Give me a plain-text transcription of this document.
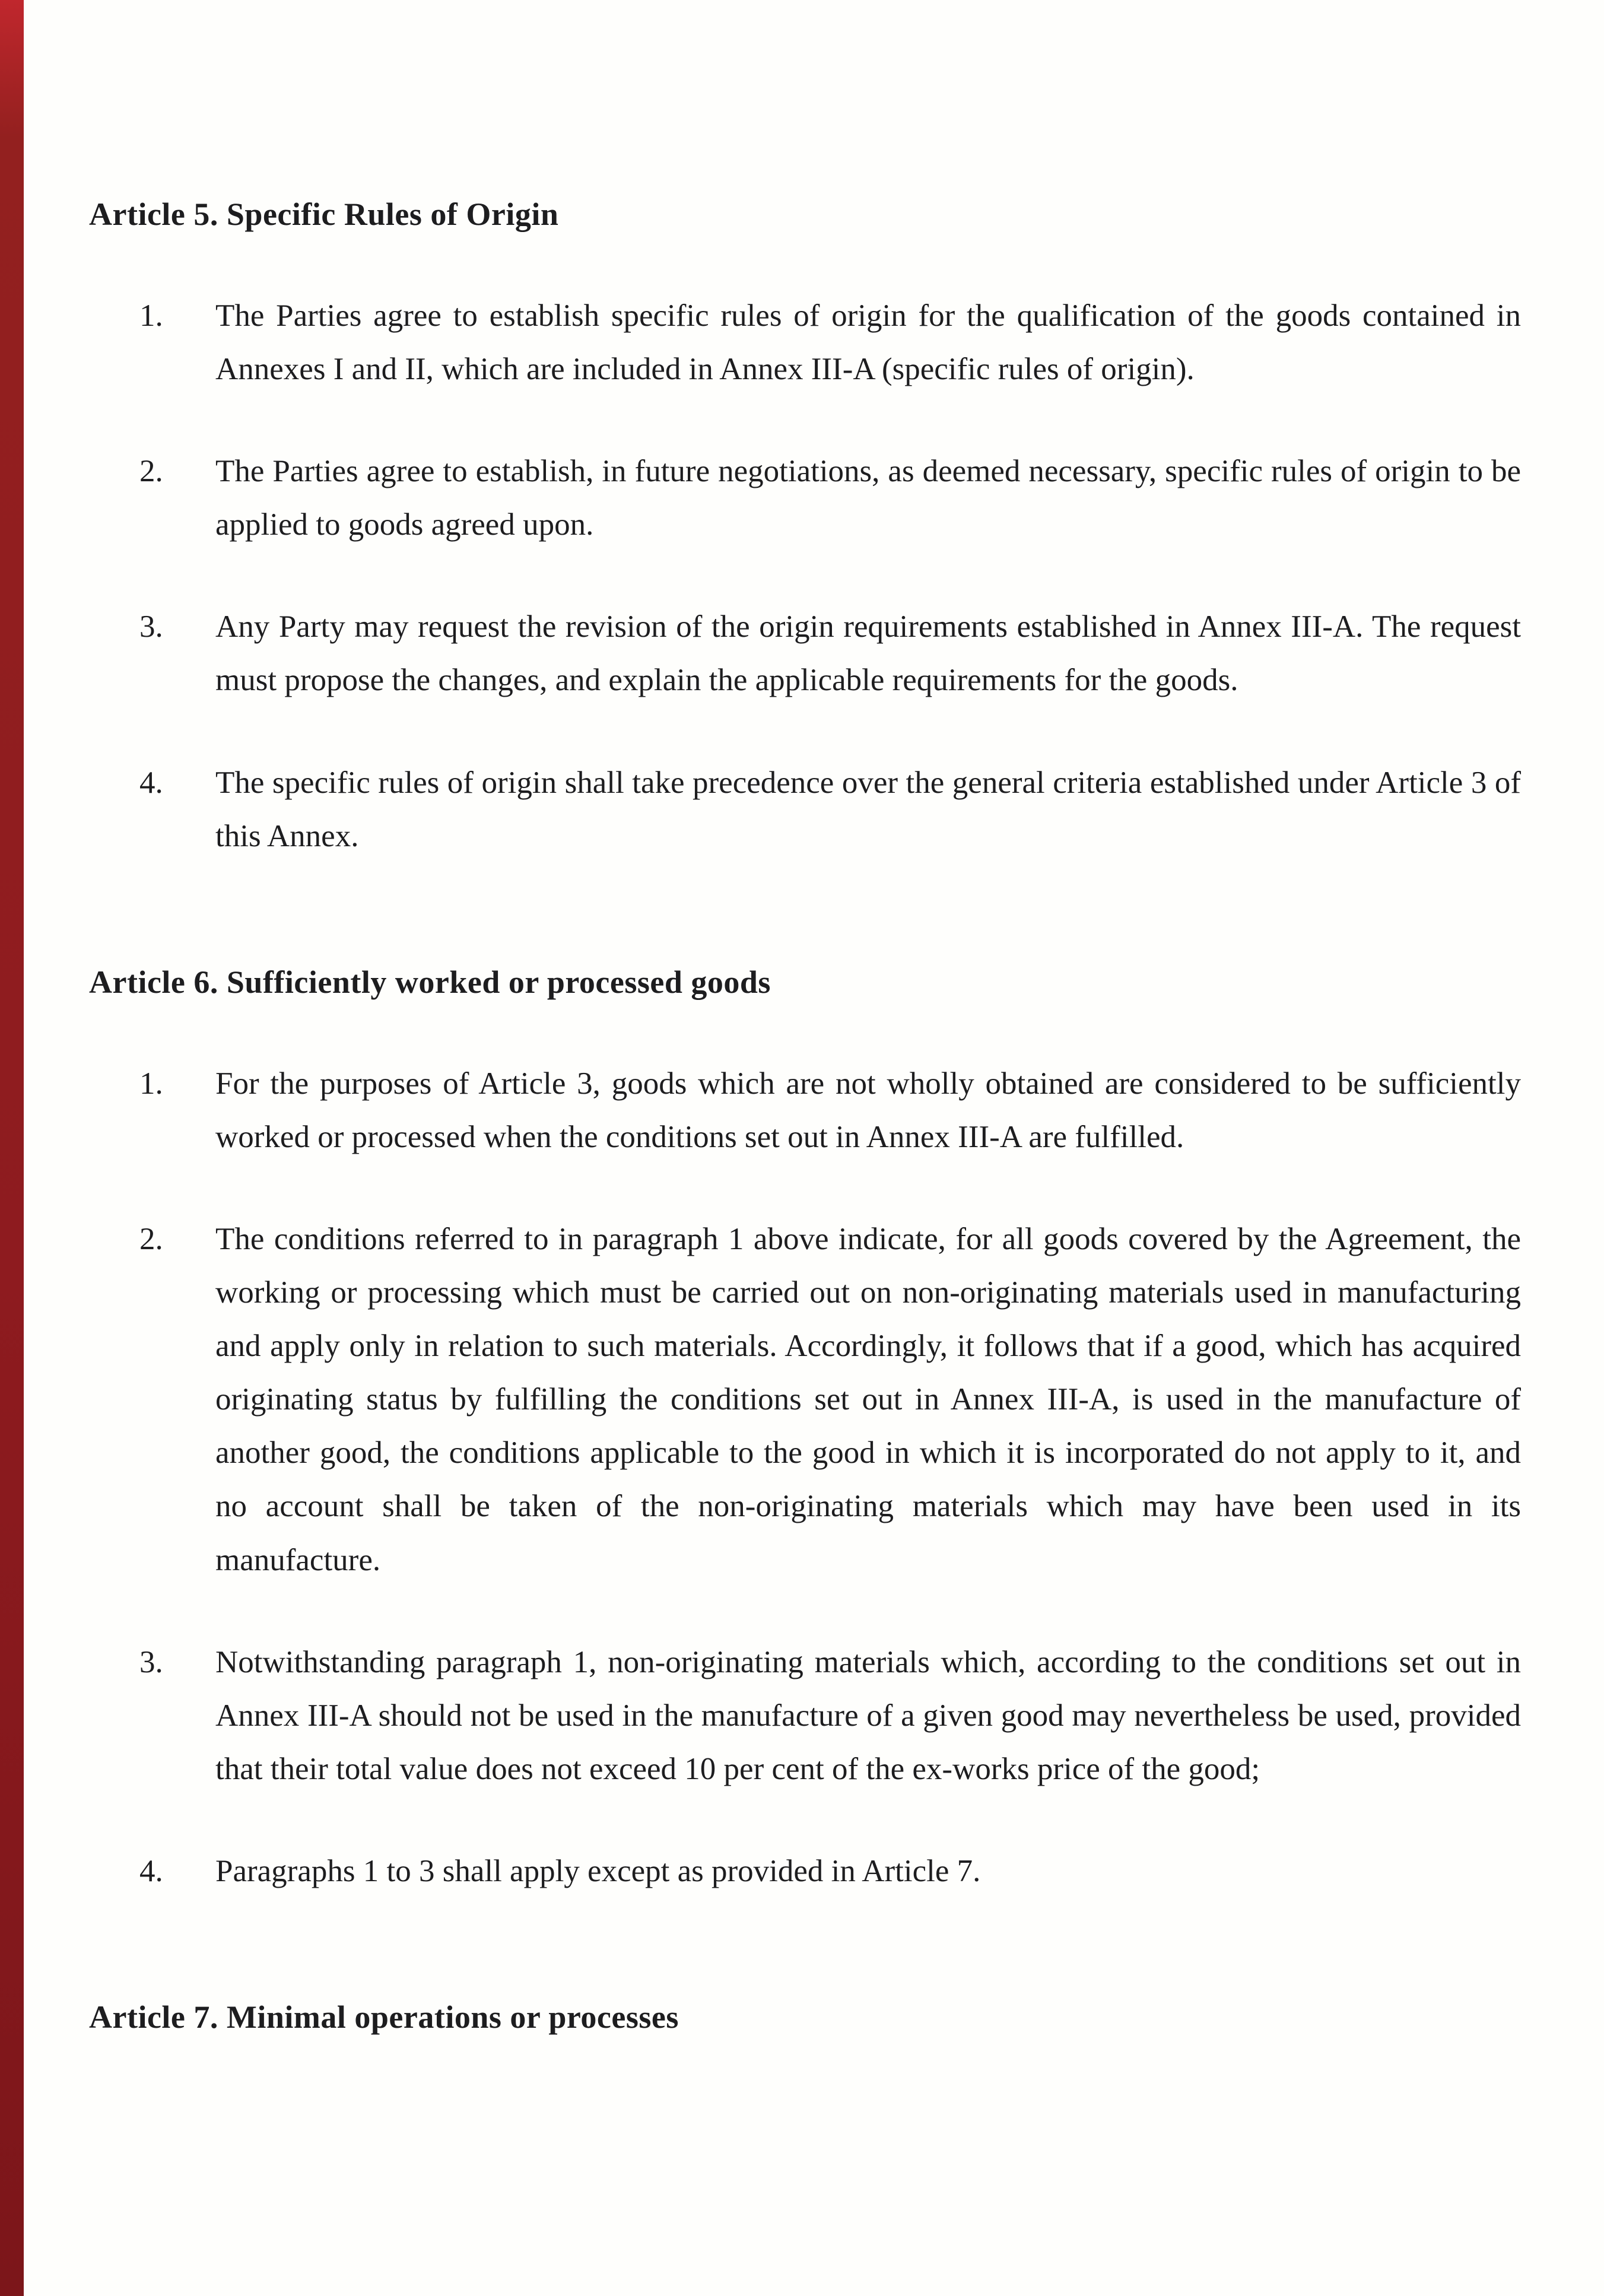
Article 5. Specific Rules of Origin
1.	The Parties agree to establish specific rules of origin for the qualification of the goods contained in Annexes I and II, which are included in Annex III-A (specific rules of origin).

2.	The Parties agree to establish, in future negotiations, as deemed necessary, specific rules of origin to be applied to goods agreed upon.

3.	Any Party may request the revision of the origin requirements established in Annex III-A. The request must propose the changes, and explain the applicable requirements for the goods.

4.	The specific rules of origin shall take precedence over the general criteria established under Article 3 of this Annex.

Article 6. Sufficiently worked or processed goods
1.	For the purposes of Article 3, goods which are not wholly obtained are considered to be sufficiently worked or processed when the conditions set out in Annex III-A are fulfilled.

2.	The conditions referred to in paragraph 1 above indicate, for all goods covered by the Agreement, the working or processing which must be carried out on non-originating materials used in manufacturing and apply only in relation to such materials. Accordingly, it follows that if a good, which has acquired originating status by fulfilling the conditions set out in Annex III-A, is used in the manufacture of another good, the conditions applicable to the good in which it is incorporated do not apply to it, and no account shall be taken of the non-originating materials which may have been used in its manufacture.

3.	Notwithstanding paragraph 1, non-originating materials which, according to the conditions set out in Annex III-A should not be used in the manufacture of a given good may nevertheless be used, provided that their total value does not exceed 10 per cent of the ex-works price of the good;

4.	Paragraphs 1 to 3 shall apply except as provided in Article 7.

Article 7. Minimal operations or processes
